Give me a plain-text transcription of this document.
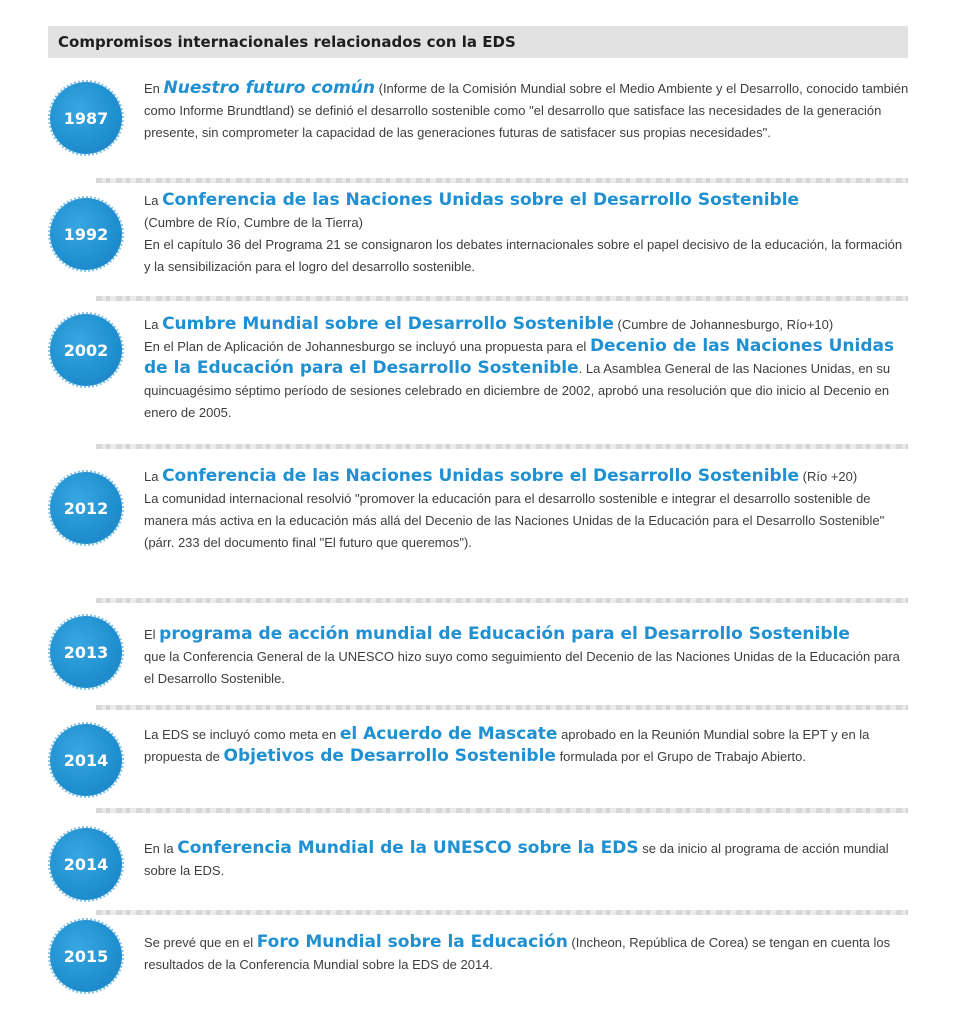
Compromisos internacionales relacionados con la EDS
1987

En Nuestro futuro común (Informe de la Comisión Mundial sobre el Medio Ambiente y el Desarrollo, conocido también como Informe Brundtland) se definió el desarrollo sostenible como "el desarrollo que satisface las necesidades de la generación presente, sin comprometer la capacidad de las generaciones futuras de satisfacer sus propias necesidades".

1992

La Conferencia de las Naciones Unidas sobre el Desarrollo Sostenible

(Cumbre de Río, Cumbre de la Tierra)

En el capítulo 36 del Programa 21 se consignaron los debates internacionales sobre el papel decisivo de la educación, la formación y la sensibilización para el logro del desarrollo sostenible.

2002

La Cumbre Mundial sobre el Desarrollo Sostenible (Cumbre de Johannesburgo, Río+10)

En el Plan de Aplicación de Johannesburgo se incluyó una propuesta para el Decenio de las Naciones Unidas de la Educación para el Desarrollo Sostenible. La Asamblea General de las Naciones Unidas, en su quincuagésimo séptimo período de sesiones celebrado en diciembre de 2002, aprobó una resolución que dio inicio al Decenio en enero de 2005.

2012

La Conferencia de las Naciones Unidas sobre el Desarrollo Sostenible (Río +20)

La comunidad internacional resolvió "promover la educación para el desarrollo sostenible e integrar el desarrollo sostenible de manera más activa en la educación más allá del Decenio de las Naciones Unidas de la Educación para el Desarrollo Sostenible" (párr. 233 del documento final "El futuro que queremos").

2013

El programa de acción mundial de Educación para el Desarrollo Sostenible

que la Conferencia General de la UNESCO hizo suyo como seguimiento del Decenio de las Naciones Unidas de la Educación para el Desarrollo Sostenible.

2014

La EDS se incluyó como meta en el Acuerdo de Mascate aprobado en la Reunión Mundial sobre la EPT y en la propuesta de Objetivos de Desarrollo Sostenible formulada por el Grupo de Trabajo Abierto.

2014

En la Conferencia Mundial de la UNESCO sobre la EDS se da inicio al programa de acción mundial sobre la EDS.

2015

Se prevé que en el Foro Mundial sobre la Educación (Incheon, República de Corea) se tengan en cuenta los resultados de la Conferencia Mundial sobre la EDS de 2014.
